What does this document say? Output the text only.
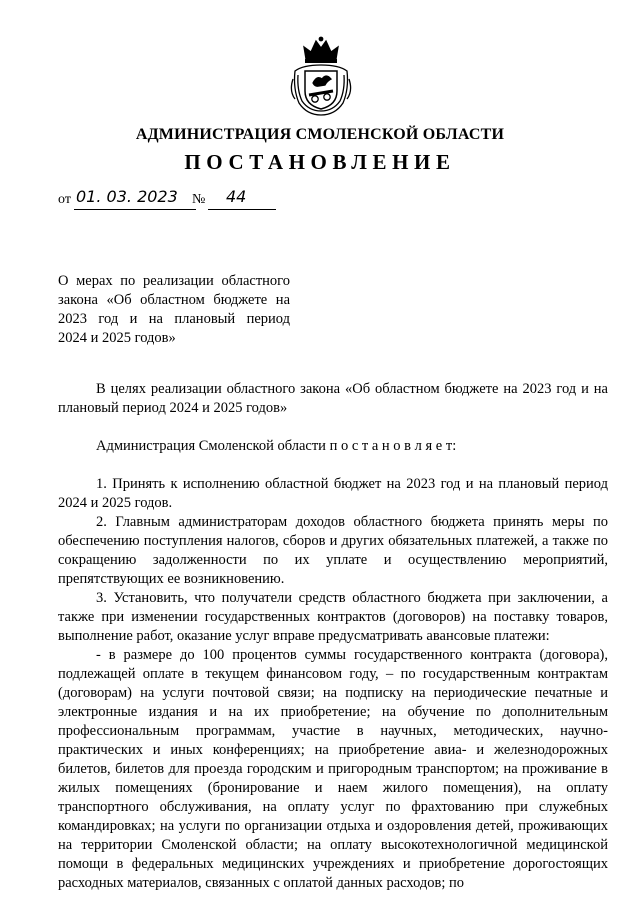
АДМИНИСТРАЦИЯ СМОЛЕНСКОЙ ОБЛАСТИ
ПОСТАНОВЛЕНИЕ
от 01. 03. 2023 № 44
О мерах по реализации областного
закона «Об областном бюджете на
2023 год и на плановый период
2024 и 2025 годов»

В целях реализации областного закона «Об областном бюджете на 2023 год и на плановый период 2024 и 2025 годов»

Администрация Смоленской области п о с т а н о в л я е т:

1. Принять к исполнению областной бюджет на 2023 год и на плановый период 2024 и 2025 годов.

2. Главным администраторам доходов областного бюджета принять меры по обеспечению поступления налогов, сборов и других обязательных платежей, а также по сокращению задолженности по их уплате и осуществлению мероприятий, препятствующих ее возникновению.

3. Установить, что получатели средств областного бюджета при заключении, а также при изменении государственных контрактов (договоров) на поставку товаров, выполнение работ, оказание услуг вправе предусматривать авансовые платежи:

- в размере до 100 процентов суммы государственного контракта (договора), подлежащей оплате в текущем финансовом году, – по государственным контрактам (договорам) на услуги почтовой связи; на подписку на периодические печатные и электронные издания и на их приобретение; на обучение по дополнительным профессиональным программам, участие в научных, методических, научно-практических и иных конференциях; на приобретение авиа- и железнодорожных билетов, билетов для проезда городским и пригородным транспортом; на проживание в жилых помещениях (бронирование и наем жилого помещения), на оплату транспортного обслуживания, на оплату услуг по фрахтованию при служебных командировках; на услуги по организации отдыха и оздоровления детей, проживающих на территории Смоленской области; на оплату высокотехнологичной медицинской помощи в федеральных медицинских учреждениях и приобретение дорогостоящих расходных материалов, связанных с оплатой данных расходов; по
